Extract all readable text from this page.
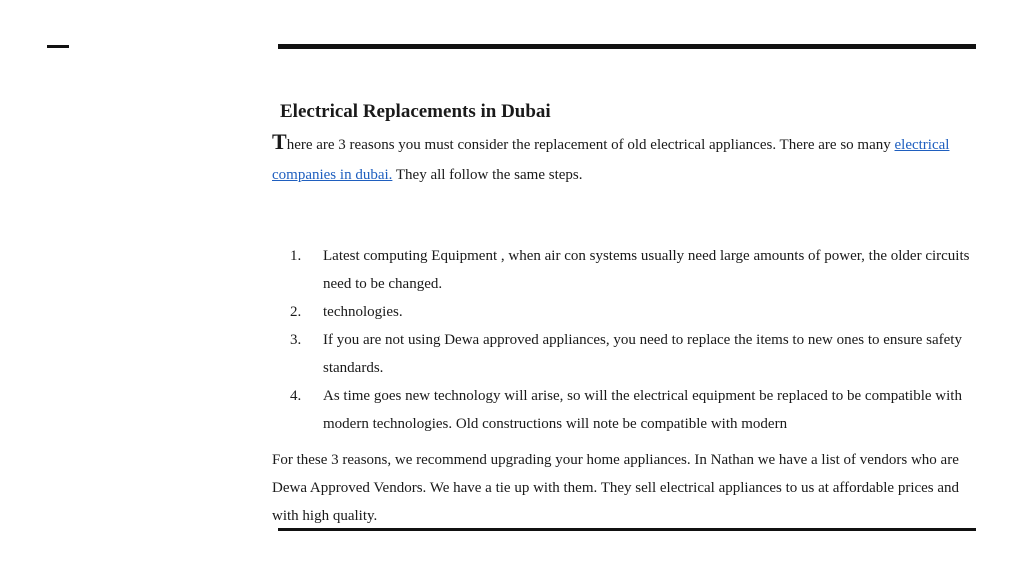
Electrical Replacements in Dubai

There are 3 reasons you must consider the replacement of old electrical appliances. There are so many electrical companies in dubai. They all follow the same steps.

1. Latest computing Equipment , when air con systems usually need large amounts of power, the older circuits need to be changed.
2. technologies.
3. If you are not using Dewa approved appliances, you need to replace the items to new ones to ensure safety standards.
4. As time goes new technology will arise, so will the electrical equipment be replaced to be compatible with modern technologies. Old constructions will note be compatible with modern

For these 3 reasons, we recommend upgrading your home appliances. In Nathan we have a list of vendors who are Dewa Approved Vendors. We have a tie up with them. They sell electrical appliances to us at affordable prices and with high quality.
